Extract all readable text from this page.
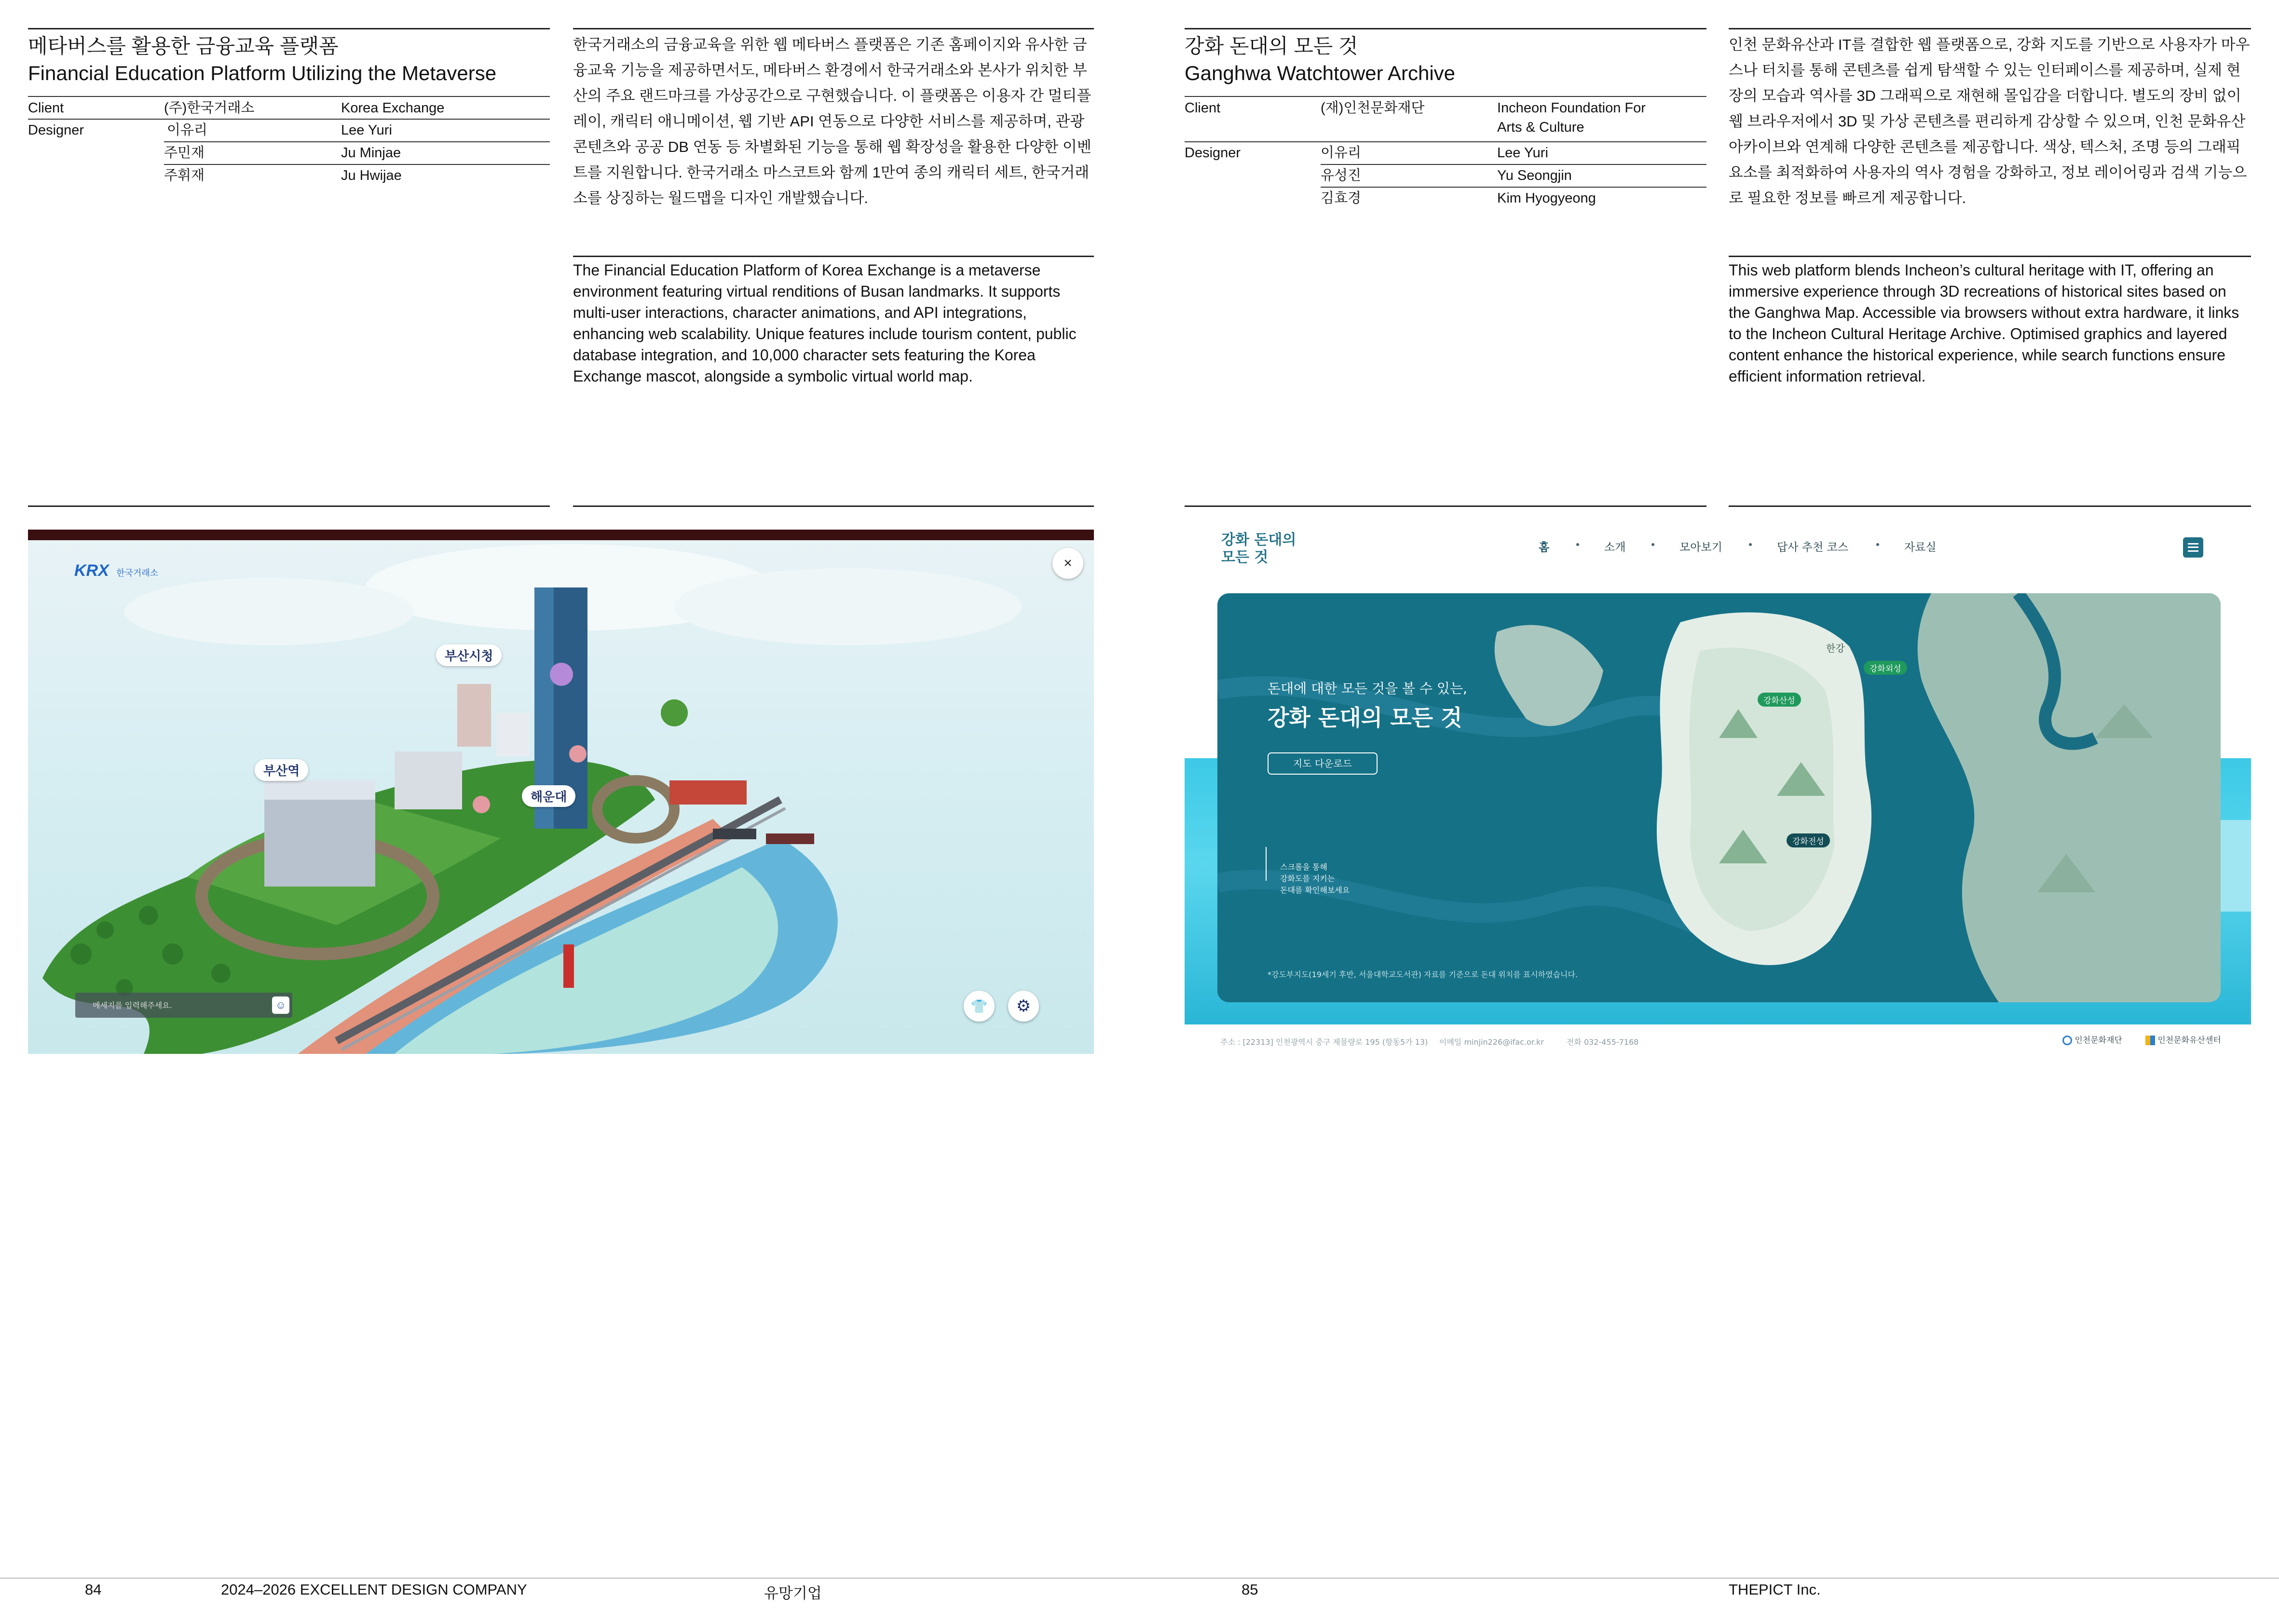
메타버스를 활용한 금융교육 플랫폼
Financial Education Platform Utilizing the Metaverse
Client	(주)한국거래소	Korea Exchange
Designer	이유리	Lee Yuri
주민재	Ju Minjae
주휘재	Ju Hwijae
한국거래소의 금융교육을 위한 웹 메타버스 플랫폼은 기존 홈페이지와 유사한 금융교육 기능을 제공하면서도, 메타버스 환경에서 한국거래소와 본사가 위치한 부산의 주요 랜드마크를 가상공간으로 구현했습니다. 이 플랫폼은 이용자 간 멀티플레이, 캐릭터 애니메이션, 웹 기반 API 연동으로 다양한 서비스를 제공하며, 관광 콘텐츠와 공공 DB 연동 등 차별화된 기능을 통해 웹 확장성을 활용한 다양한 이벤트를 지원합니다. 한국거래소 마스코트와 함께 1만여 종의 캐릭터 세트, 한국거래소를 상징하는 월드맵을 디자인 개발했습니다.
The Financial Education Platform of Korea Exchange is a metaverse environment featuring virtual renditions of Busan landmarks. It supports multi-user interactions, character animations, and API integrations, enhancing web scalability. Unique features include tourism content, public database integration, and 10,000 character sets featuring the Korea Exchange mascot, alongside a symbolic virtual world map.
KRX 한국거래소
×
부산시청
부산역
해운대
메세지를 입력해주세요.	☺	👕 ⚙
강화 돈대의 모든 것
Ganghwa Watchtower Archive
Client	(재)인천문화재단	Incheon Foundation For
Arts & Culture
Designer	이유리	Lee Yuri
유성진	Yu Seongjin
김효경	Kim Hyogyeong
인천 문화유산과 IT를 결합한 웹 플랫폼으로, 강화 지도를 기반으로 사용자가 마우스나 터치를 통해 콘텐츠를 쉽게 탐색할 수 있는 인터페이스를 제공하며, 실제 현장의 모습과 역사를 3D 그래픽으로 재현해 몰입감을 더합니다. 별도의 장비 없이 웹 브라우저에서 3D 및 가상 콘텐츠를 편리하게 감상할 수 있으며, 인천 문화유산 아카이브와 연계해 다양한 콘텐츠를 제공합니다. 색상, 텍스처, 조명 등의 그래픽 요소를 최적화하여 사용자의 역사 경험을 강화하고, 정보 레이어링과 검색 기능으로 필요한 정보를 빠르게 제공합니다.
This web platform blends Incheon’s cultural heritage with IT, offering an immersive experience through 3D recreations of historical sites based on the Ganghwa Map. Accessible via browsers without extra hardware, it links to the Incheon Cultural Heritage Archive. Optimised graphics and layered content enhance the historical experience, while search functions ensure efficient information retrieval.
강화 돈대의
모든 것
홈	소개	모아보기	답사 추천 코스	자료실
돈대에 대한 모든 것을 볼 수 있는,
강화 돈대의 모든 것
지도 다운로드
스크롤을 통해
강화도를 지키는
돈대를 확인해보세요
*강도부지도(19세기 후반, 서울대학교도서관) 자료를 기준으로 돈대 위치를 표시하였습니다.
한강
강화외성
강화산성
강화전성
주소 : [22313] 인천광역시 중구 제물량로 195 (항동5가 13) 이메일 minjin226@ifac.or.kr	전화 032-455-7168	인천문화재단	인천문화유산센터
84	2024–2026 EXCELLENT DESIGN COMPANY	유망기업	85	THEPICT Inc.
